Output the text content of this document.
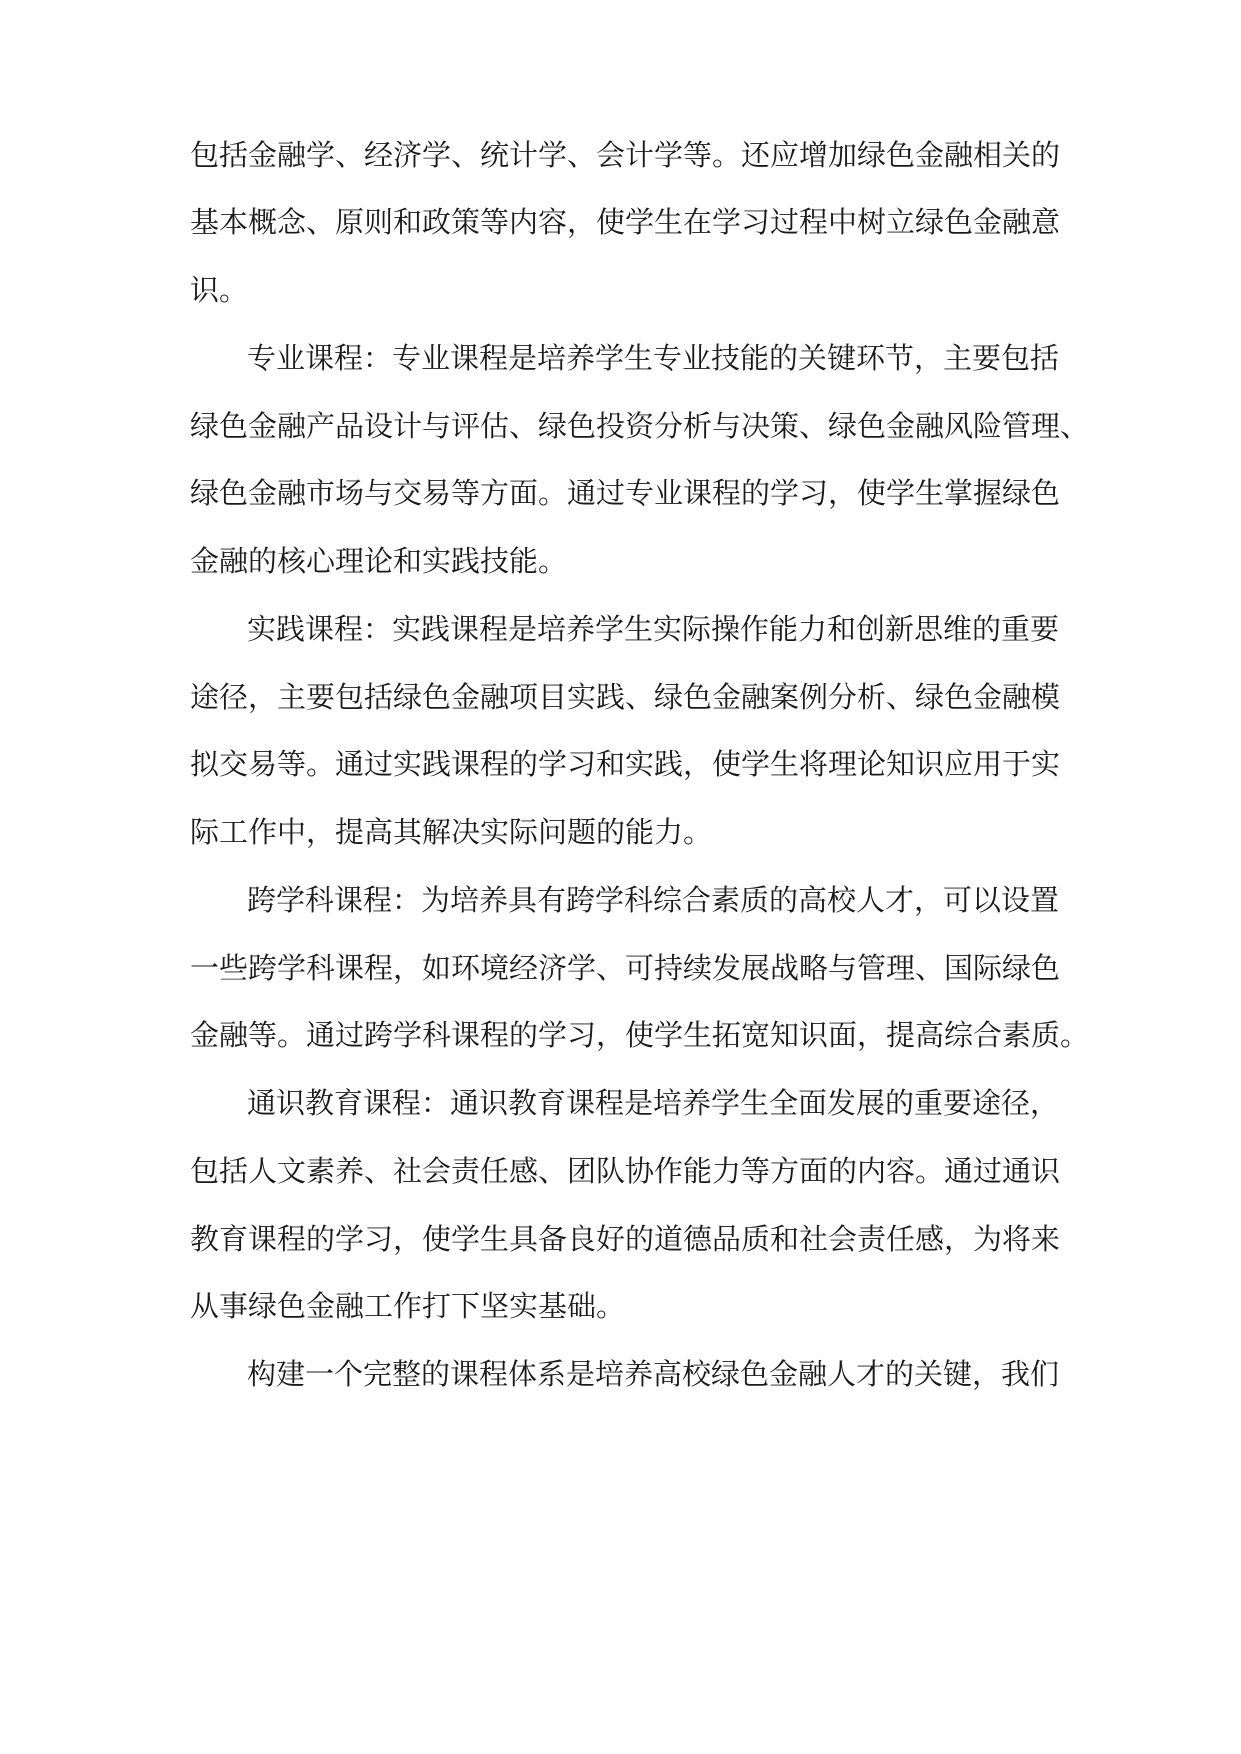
包括金融学、经济学、统计学、会计学等。还应增加绿色金融相关的
基本概念、原则和政策等内容，使学生在学习过程中树立绿色金融意
识。
专业课程：专业课程是培养学生专业技能的关键环节，主要包括
绿色金融产品设计与评估、绿色投资分析与决策、绿色金融风险管理、
绿色金融市场与交易等方面。通过专业课程的学习，使学生掌握绿色
金融的核心理论和实践技能。
实践课程：实践课程是培养学生实际操作能力和创新思维的重要
途径，主要包括绿色金融项目实践、绿色金融案例分析、绿色金融模
拟交易等。通过实践课程的学习和实践，使学生将理论知识应用于实
际工作中，提高其解决实际问题的能力。
跨学科课程：为培养具有跨学科综合素质的高校人才，可以设置
一些跨学科课程，如环境经济学、可持续发展战略与管理、国际绿色
金融等。通过跨学科课程的学习，使学生拓宽知识面，提高综合素质。
通识教育课程：通识教育课程是培养学生全面发展的重要途径，
包括人文素养、社会责任感、团队协作能力等方面的内容。通过通识
教育课程的学习，使学生具备良好的道德品质和社会责任感，为将来
从事绿色金融工作打下坚实基础。
构建一个完整的课程体系是培养高校绿色金融人才的关键，我们
